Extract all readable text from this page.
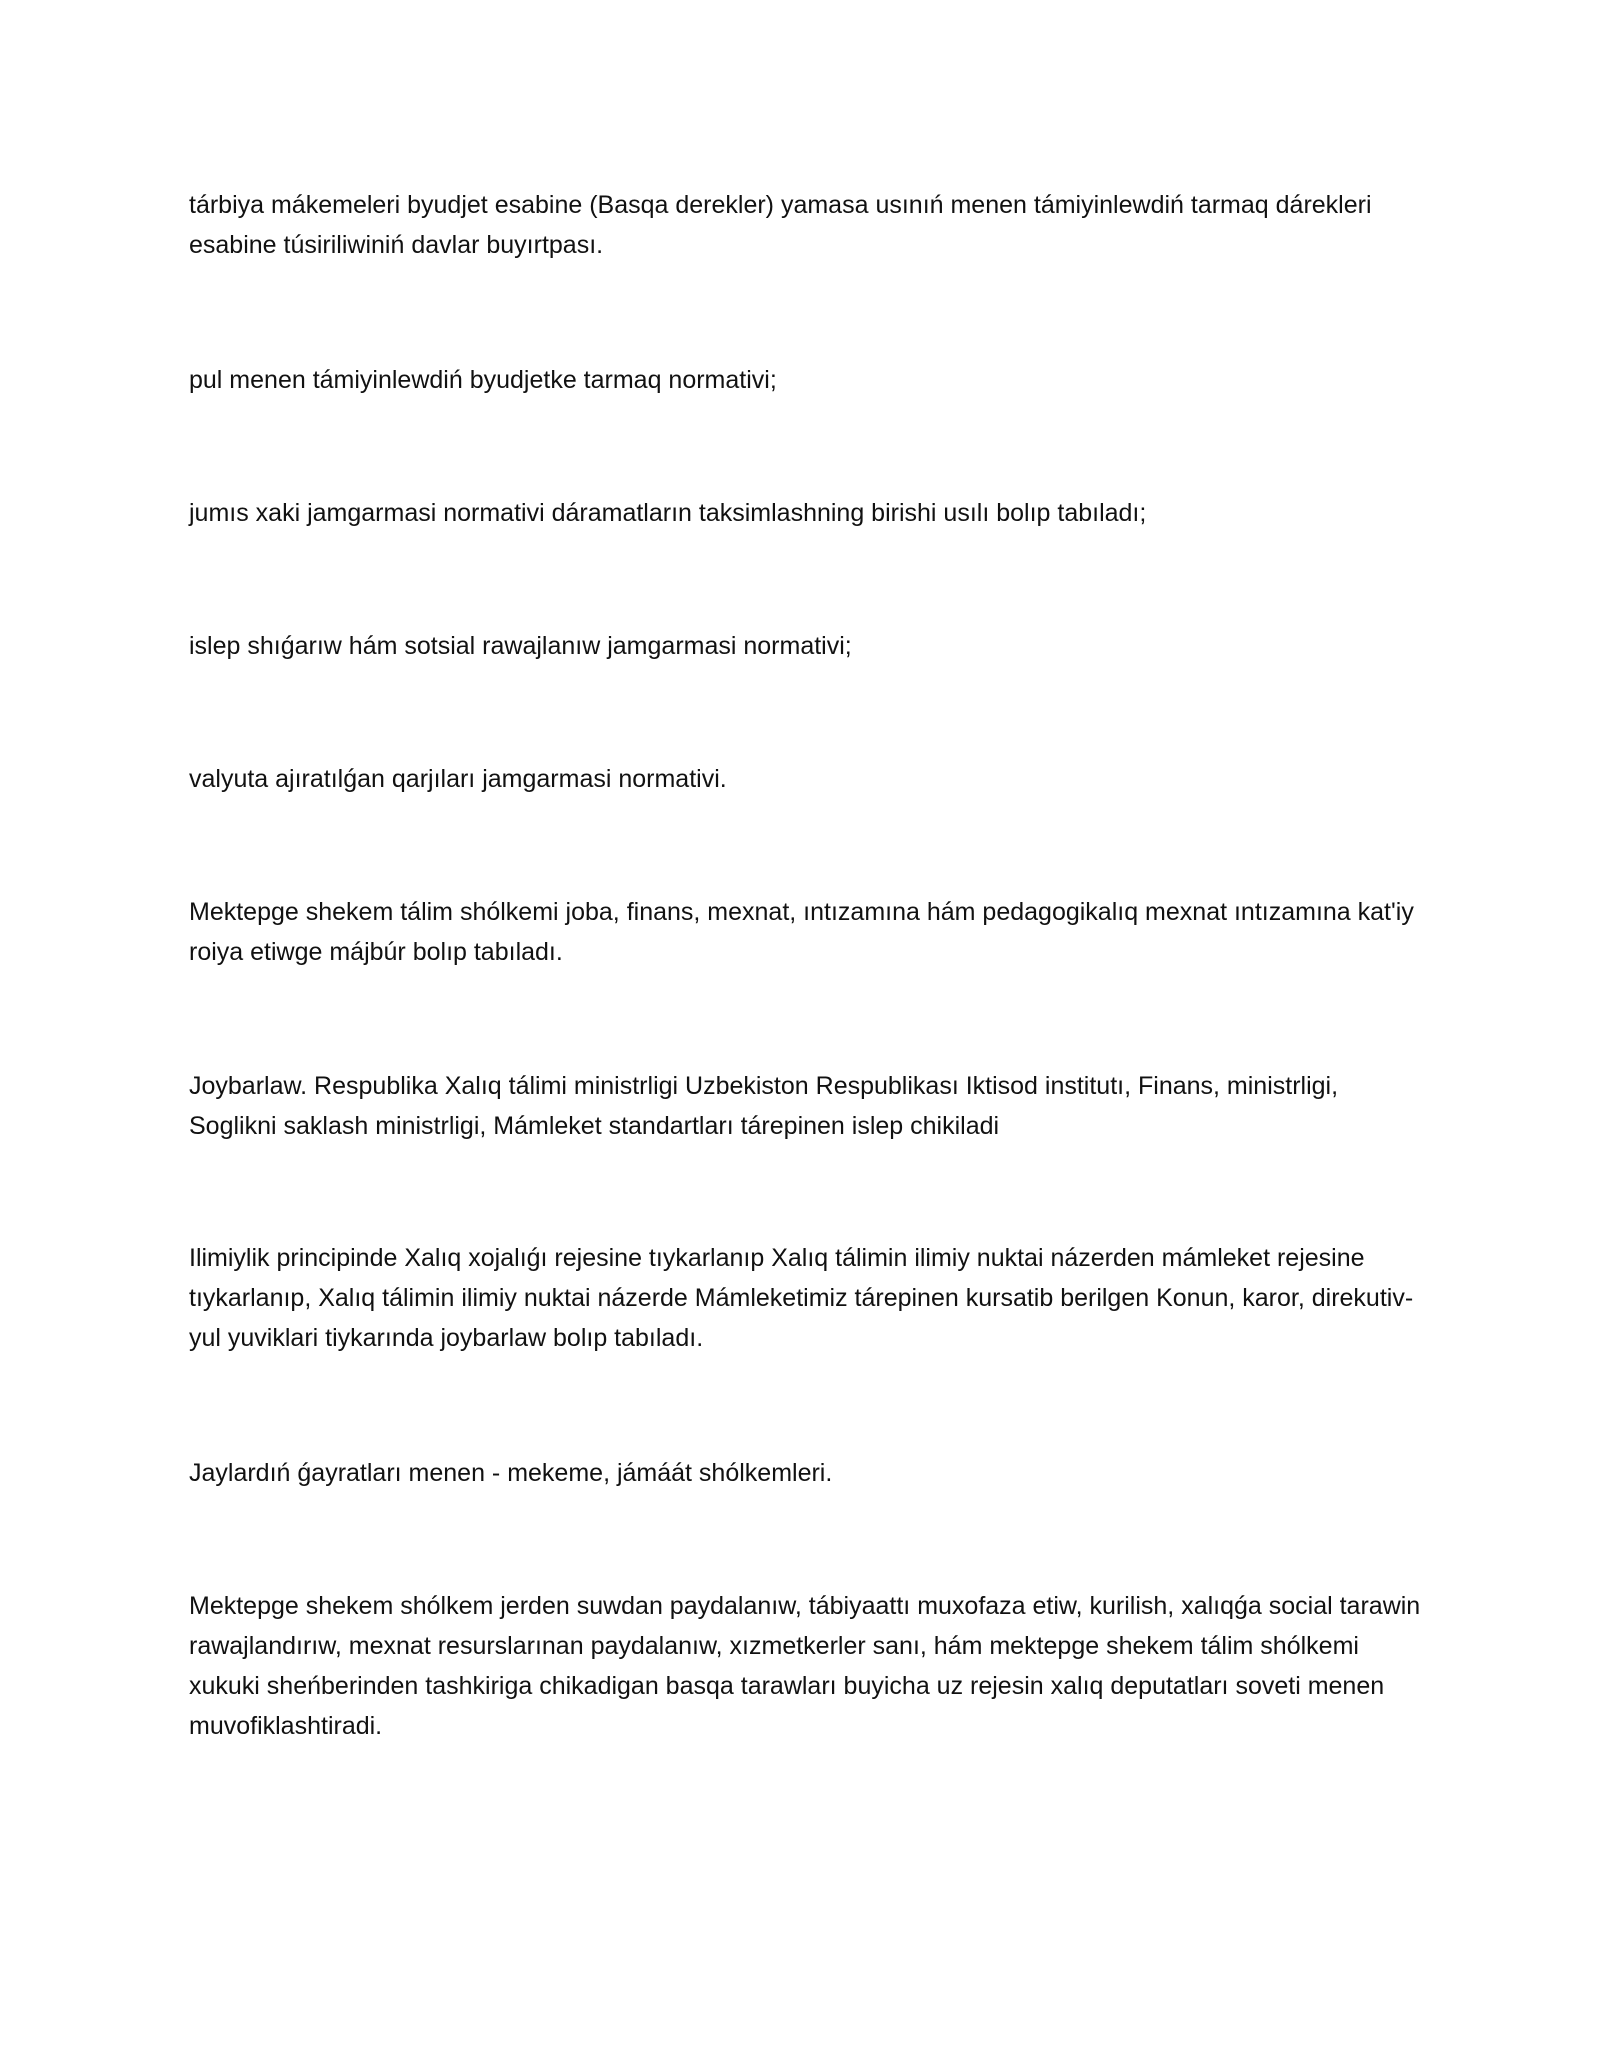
tárbiya mákemeleri byudjet esabine (Basqa derekler) yamasa usınıń menen támiyinlewdiń tarmaq dárekleri esabine túsiriliwiniń davlar buyırtpası.

pul menen támiyinlewdiń byudjetke tarmaq normativi;

jumıs xaki jamgarmasi normativi dáramatların taksimlashning birishi usılı bolıp tabıladı;

islep shıǵarıw hám sotsial rawajlanıw jamgarmasi normativi;

valyuta ajıratılǵan qarjıları jamgarmasi normativi.

Mektepge shekem tálim shólkemi joba, finans, mexnat, ıntızamına hám pedagogikalıq mexnat ıntızamına kat'iy roiya etiwge májbúr bolıp tabıladı.

Joybarlaw. Respublika Xalıq tálimi ministrligi Uzbekiston Respublikası Iktisod institutı, Finans, ministrligi, Soglikni saklash ministrligi, Mámleket standartları tárepinen islep chikiladi

Ilimiylik principinde Xalıq xojalıǵı rejesine tıykarlanıp Xalıq tálimin ilimiy nuktai názerden mámleket rejesine tıykarlanıp, Xalıq tálimin ilimiy nuktai názerde Mámleketimiz tárepinen kursatib berilgen Konun, karor, direkutiv-yul yuviklari tiykarında joybarlaw bolıp tabıladı.

Jaylardıń ǵayratları menen - mekeme, jámáát shólkemleri.

Mektepge shekem shólkem jerden suwdan paydalanıw, tábiyaattı muxofaza etiw, kurilish, xalıqǵa social tarawin rawajlandırıw, mexnat resurslarınan paydalanıw, xızmetkerler sanı, hám mektepge shekem tálim shólkemi xukuki sheńberinden tashkiriga chikadigan basqa tarawları buyicha uz rejesin xalıq deputatları soveti menen muvofiklashtiradi.
